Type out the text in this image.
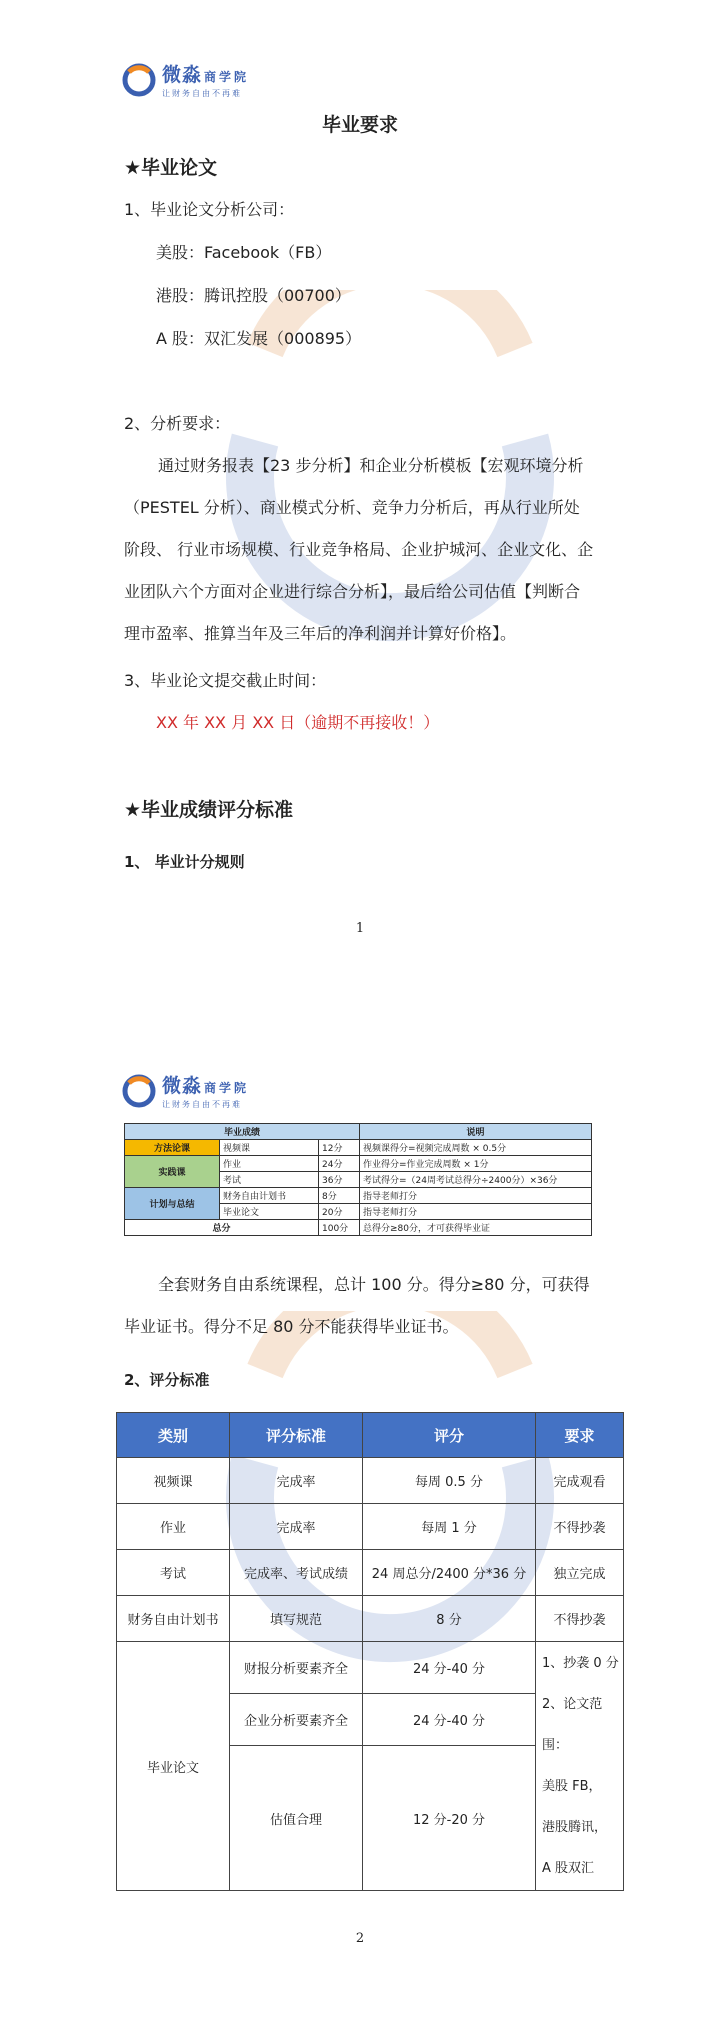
微淼 商学院
让财务自由不再难
毕业要求
★毕业论文
1、毕业论文分析公司：
美股：Facebook（FB）
港股：腾讯控股（00700）
A 股：双汇发展（000895）
2、分析要求：
通过财务报表【23 步分析】和企业分析模板【宏观环境分析（PESTEL 分析）、商业模式分析、竞争力分析后，再从行业所处阶段、 行业市场规模、行业竞争格局、企业护城河、企业文化、企业团队六个方面对企业进行综合分析】，最后给公司估值【判断合理市盈率、推算当年及三年后的净利润并计算好价格】。
3、毕业论文提交截止时间：
XX 年 XX 月 XX 日（逾期不再接收！）
★毕业成绩评分标准
1、 毕业计分规则
1
微淼 商学院
让财务自由不再难
毕业成绩			说明
方法论课	视频课	12分	视频课得分=视频完成周数 × 0.5分
实践课	作业	24分	作业得分=作业完成周数 × 1分
	考试	36分	考试得分=（24周考试总得分÷2400分）×36分
计划与总结	财务自由计划书	8分	指导老师打分
	毕业论文	20分	指导老师打分
总分		100分	总得分≥80分，才可获得毕业证
全套财务自由系统课程，总计 100 分。得分≥80 分，可获得毕业证书。得分不足 80 分不能获得毕业证书。
2、评分标准
类别	评分标准	评分	要求
视频课	完成率	每周 0.5 分	完成观看
作业	完成率	每周 1 分	不得抄袭
考试	完成率、考试成绩	24 周总分/2400 分*36 分	独立完成
财务自由计划书	填写规范	8 分	不得抄袭
毕业论文	财报分析要素齐全	24 分-40 分	1、抄袭 0 分
2、论文范围：
美股 FB，
港股腾讯，
A 股双汇

	企业分析要素齐全	24 分-40 分	
	估值合理	12 分-20 分	
2
